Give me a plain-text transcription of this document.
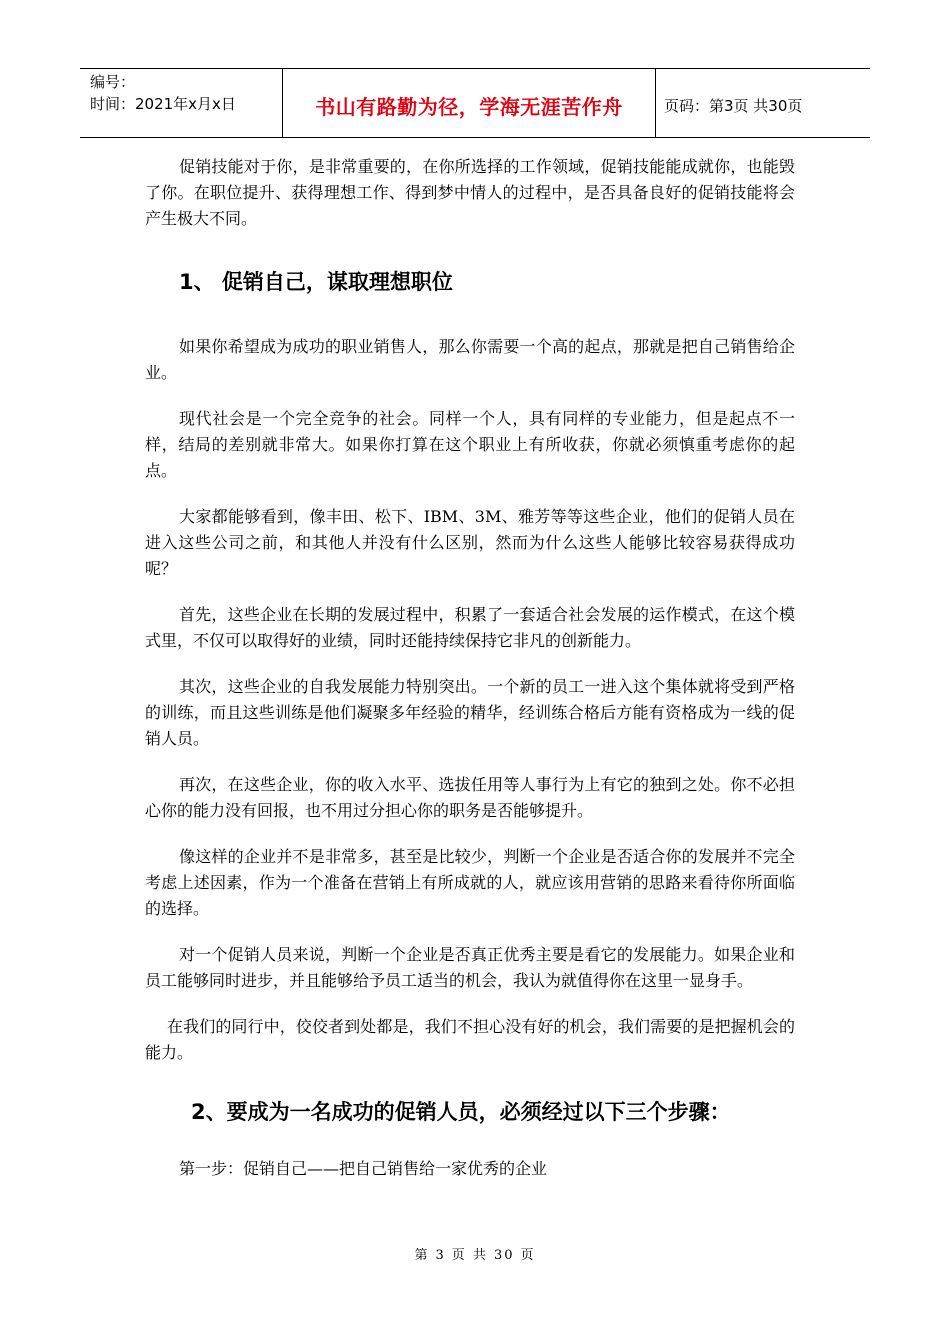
编号：
时间：2021年x月x日	书山有路勤为径，学海无涯苦作舟	页码：第3页 共30页

促销技能对于你，是非常重要的，在你所选择的工作领域，促销技能能成就你，也能毁了你。在职位提升、获得理想工作、得到梦中情人的过程中，是否具备良好的促销技能将会产生极大不同。

1、 促销自己，谋取理想职位

如果你希望成为成功的职业销售人，那么你需要一个高的起点，那就是把自己销售给企业。

现代社会是一个完全竞争的社会。同样一个人，具有同样的专业能力，但是起点不一样，结局的差别就非常大。如果你打算在这个职业上有所收获，你就必须慎重考虑你的起点。

大家都能够看到，像丰田、松下、IBM、3M、雅芳等等这些企业，他们的促销人员在进入这些公司之前，和其他人并没有什么区别，然而为什么这些人能够比较容易获得成功呢？

首先，这些企业在长期的发展过程中，积累了一套适合社会发展的运作模式，在这个模式里，不仅可以取得好的业绩，同时还能持续保持它非凡的创新能力。

其次，这些企业的自我发展能力特别突出。一个新的员工一进入这个集体就将受到严格的训练，而且这些训练是他们凝聚多年经验的精华，经训练合格后方能有资格成为一线的促销人员。

再次，在这些企业，你的收入水平、选拔任用等人事行为上有它的独到之处。你不必担心你的能力没有回报，也不用过分担心你的职务是否能够提升。

像这样的企业并不是非常多，甚至是比较少，判断一个企业是否适合你的发展并不完全考虑上述因素，作为一个准备在营销上有所成就的人，就应该用营销的思路来看待你所面临的选择。

对一个促销人员来说，判断一个企业是否真正优秀主要是看它的发展能力。如果企业和员工能够同时进步，并且能够给予员工适当的机会，我认为就值得你在这里一显身手。

在我们的同行中，佼佼者到处都是，我们不担心没有好的机会，我们需要的是把握机会的能力。

2、要成为一名成功的促销人员，必须经过以下三个步骤：

第一步：促销自己——把自己销售给一家优秀的企业

第 3 页 共 30 页
